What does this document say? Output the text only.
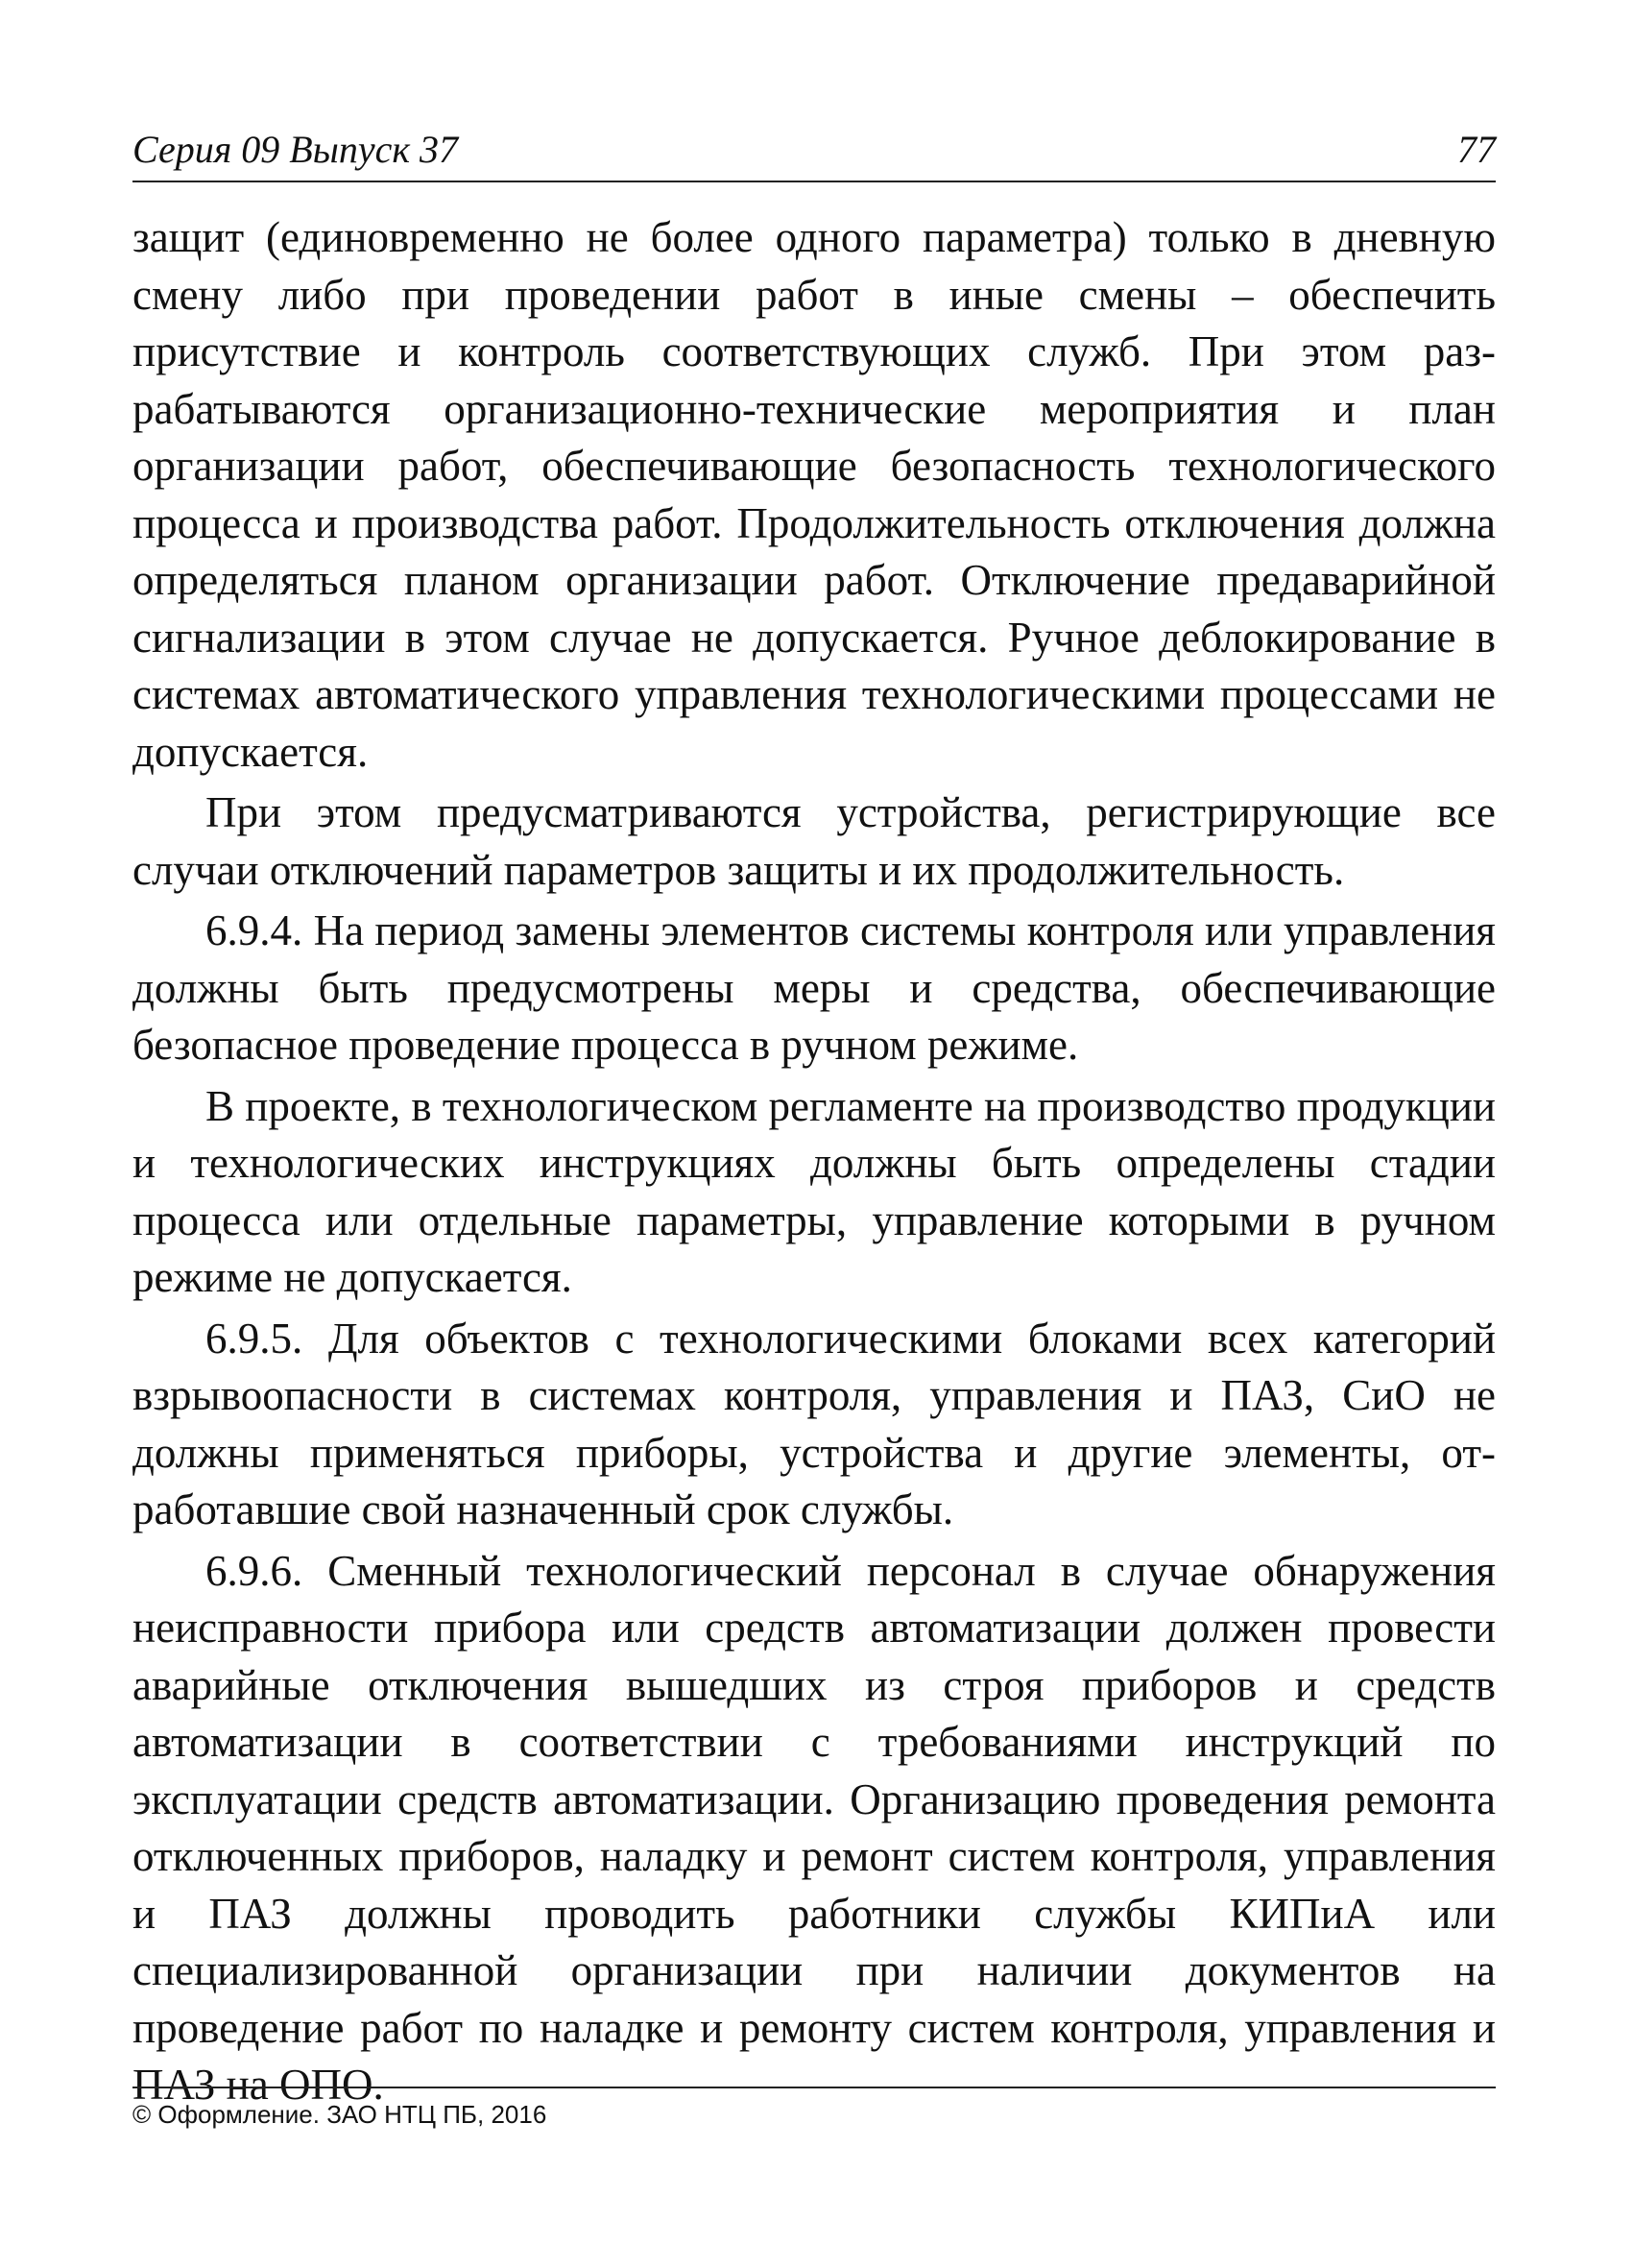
Серия 09 Выпуск 37	77

защит (единовременно не более одного параметра) только в дневную смену либо при проведении работ в иные смены – обеспечить присутствие и контроль соответствующих служб. При этом разрабатываются организационно-технические мероприятия и план организации работ, обеспечивающие безопасность технологического процесса и производства работ. Продолжительность отключения должна определяться планом организации работ. Отключение предаварийной сигнализации в этом случае не допускается. Ручное деблокирование в системах автоматического управления технологическими процессами не допускается.

При этом предусматриваются устройства, регистрирующие все случаи отключений параметров защиты и их продолжительность.

6.9.4. На период замены элементов системы контроля или управления должны быть предусмотрены меры и средства, обеспечивающие безопасное проведение процесса в ручном режиме.

В проекте, в технологическом регламенте на производство продукции и технологических инструкциях должны быть определены стадии процесса или отдельные параметры, управление которыми в ручном режиме не допускается.

6.9.5. Для объектов с технологическими блоками всех категорий взрывоопасности в системах контроля, управления и ПАЗ, СиО не должны применяться приборы, устройства и другие элементы, отработавшие свой назначенный срок службы.

6.9.6. Сменный технологический персонал в случае обнаружения неисправности прибора или средств автоматизации должен провести аварийные отключения вышедших из строя приборов и средств автоматизации в соответствии с требованиями инструкций по эксплуатации средств автоматизации. Организацию проведения ремонта отключенных приборов, наладку и ремонт систем контроля, управления и ПАЗ должны проводить работники службы КИПиА или специализированной организации при наличии документов на проведение работ по наладке и ремонту систем контроля, управления и ПАЗ на ОПО.

© Оформление. ЗАО НТЦ ПБ, 2016
